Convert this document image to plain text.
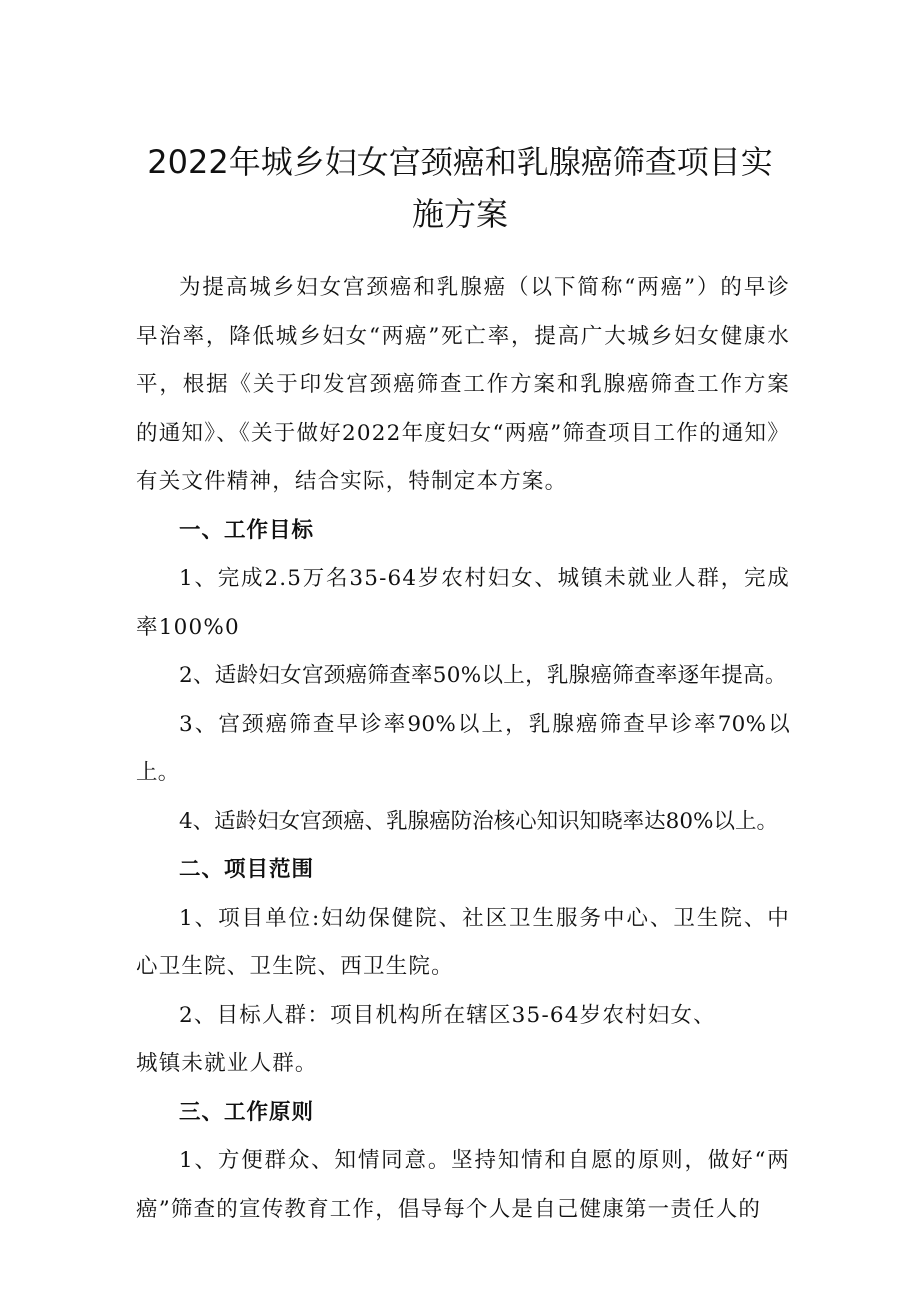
2022年城乡妇女宫颈癌和乳腺癌筛查项目实
施方案

为提高城乡妇女宫颈癌和乳腺癌（以下简称“两癌”）的早诊早治率，降低城乡妇女“两癌”死亡率，提高广大城乡妇女健康水平，根据《关于印发宫颈癌筛查工作方案和乳腺癌筛查工作方案的通知》、《关于做好2022年度妇女“两癌”筛查项目工作的通知》有关文件精神，结合实际，特制定本方案。

一、工作目标

1、完成2.5万名35-64岁农村妇女、城镇未就业人群，完成率100%0

2、适龄妇女宫颈癌筛查率50%以上，乳腺癌筛查率逐年提高。

3、宫颈癌筛查早诊率90%以上，乳腺癌筛查早诊率70%以上。

4、适龄妇女宫颈癌、乳腺癌防治核心知识知晓率达80%以上。

二、项目范围

1、项目单位:妇幼保健院、社区卫生服务中心、卫生院、中心卫生院、卫生院、西卫生院。

2、目标人群：项目机构所在辖区35-64岁农村妇女、

城镇未就业人群。

三、工作原则

1、方便群众、知情同意。坚持知情和自愿的原则，做好“两癌”筛查的宣传教育工作，倡导每个人是自己健康第一责任人的
